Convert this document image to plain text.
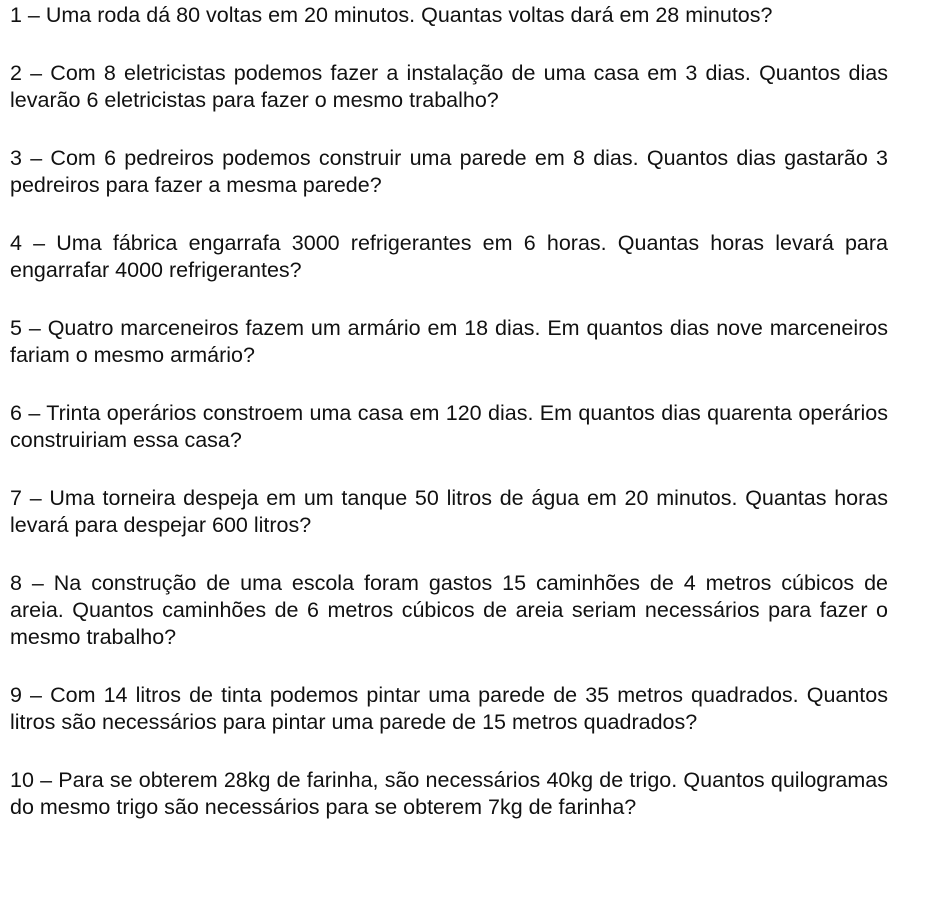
1 – Uma roda dá 80 voltas em 20 minutos. Quantas voltas dará em 28 minutos?

2 – Com 8 eletricistas podemos fazer a instalação de uma casa em 3 dias. Quantos dias levarão 6 eletricistas para fazer o mesmo trabalho?

3 – Com 6 pedreiros podemos construir uma parede em 8 dias. Quantos dias gastarão 3 pedreiros para fazer a mesma parede?

4 – Uma fábrica engarrafa 3000 refrigerantes em 6 horas. Quantas horas levará para engarrafar 4000 refrigerantes?

5 – Quatro marceneiros fazem um armário em 18 dias. Em quantos dias nove marceneiros fariam o mesmo armário?

6 – Trinta operários constroem uma casa em 120 dias. Em quantos dias quarenta operários construiriam essa casa?

7 – Uma torneira despeja em um tanque 50 litros de água em 20 minutos. Quantas horas levará para despejar 600 litros?

8 – Na construção de uma escola foram gastos 15 caminhões de 4 metros cúbicos de areia. Quantos caminhões de 6 metros cúbicos de areia seriam necessários para fazer o mesmo trabalho?

9 – Com 14 litros de tinta podemos pintar uma parede de 35 metros quadrados. Quantos litros são necessários para pintar uma parede de 15 metros quadrados?

10 – Para se obterem 28kg de farinha, são necessários 40kg de trigo. Quantos quilogramas do mesmo trigo são necessários para se obterem 7kg de farinha?
